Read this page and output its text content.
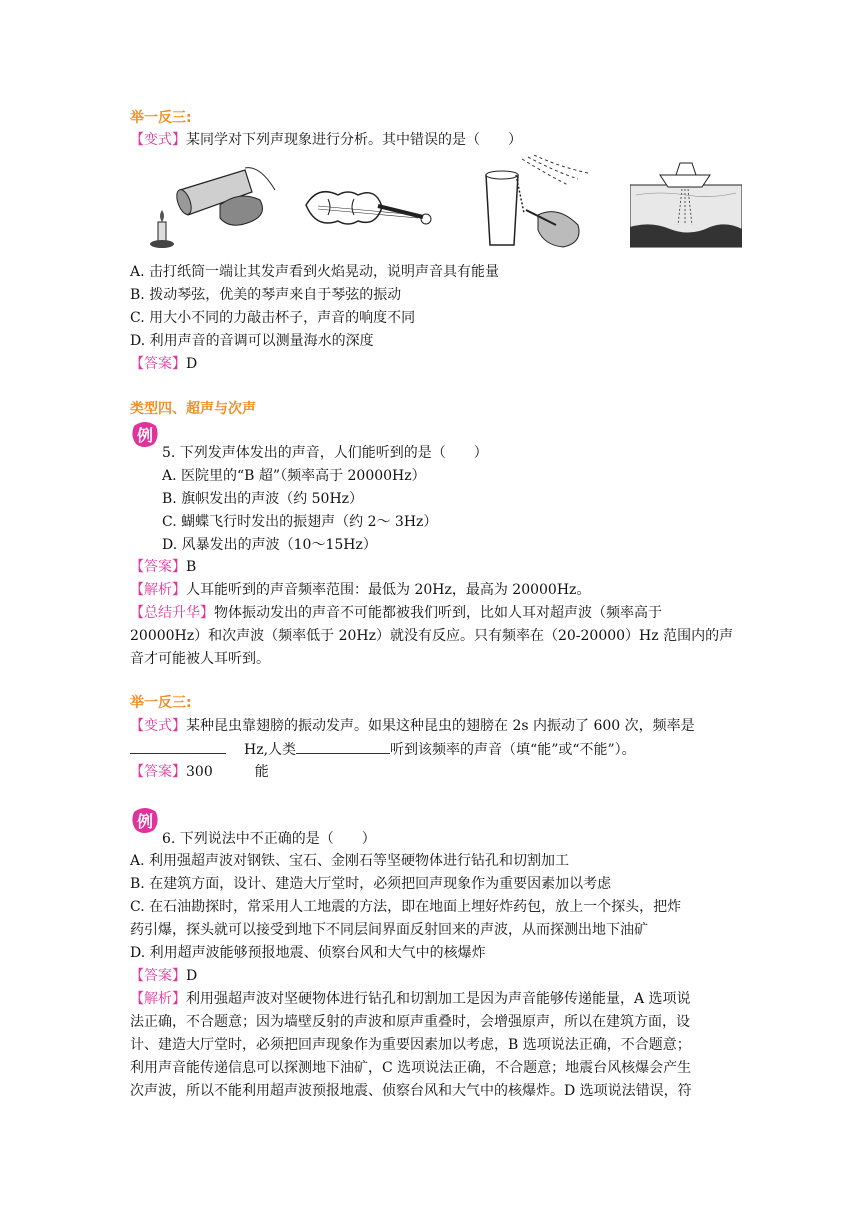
举一反三:
【变式】某同学对下列声现象进行分析。其中错误的是（　　）
A. 击打纸筒一端让其发声看到火焰晃动，说明声音具有能量
B. 拨动琴弦，优美的琴声来自于琴弦的振动
C. 用大小不同的力敲击杯子，声音的响度不同
D. 利用声音的音调可以测量海水的深度
【答案】D
类型四、超声与次声
例
5. 下列发声体发出的声音，人们能听到的是（　　）
A. 医院里的“B 超”（频率高于 20000Hz）
B. 旗帜发出的声波（约 50Hz）
C. 蝴蝶飞行时发出的振翅声（约 2～ 3Hz）
D. 风暴发出的声波（10～15Hz）
【答案】B
【解析】人耳能听到的声音频率范围：最低为 20Hz，最高为 20000Hz。
【总结升华】物体振动发出的声音不可能都被我们听到，比如人耳对超声波（频率高于
20000Hz）和次声波（频率低于 20Hz）就没有反应。只有频率在（20-20000）Hz 范围内的声
音才可能被人耳听到。
举一反三:
【变式】某种昆虫靠翅膀的振动发声。如果这种昆虫的翅膀在 2s 内振动了 600 次，频率是
Hz,人类	听到该频率的声音（填“能”或“不能”）。
【答案】300　　　能
例
6. 下列说法中不正确的是（　　）
A. 利用强超声波对钢铁、宝石、金刚石等坚硬物体进行钻孔和切割加工
B. 在建筑方面，设计、建造大厅堂时，必须把回声现象作为重要因素加以考虑
C. 在石油勘探时，常采用人工地震的方法，即在地面上埋好炸药包，放上一个探头，把炸
药引爆，探头就可以接受到地下不同层间界面反射回来的声波，从而探测出地下油矿
D. 利用超声波能够预报地震、侦察台风和大气中的核爆炸
【答案】D
【解析】利用强超声波对坚硬物体进行钻孔和切割加工是因为声音能够传递能量，A 选项说
法正确，不合题意；因为墙壁反射的声波和原声重叠时，会增强原声，所以在建筑方面，设
计、建造大厅堂时，必须把回声现象作为重要因素加以考虑，B 选项说法正确，不合题意；
利用声音能传递信息可以探测地下油矿，C 选项说法正确，不合题意；地震台风核爆会产生
次声波，所以不能利用超声波预报地震、侦察台风和大气中的核爆炸。D 选项说法错误，符
